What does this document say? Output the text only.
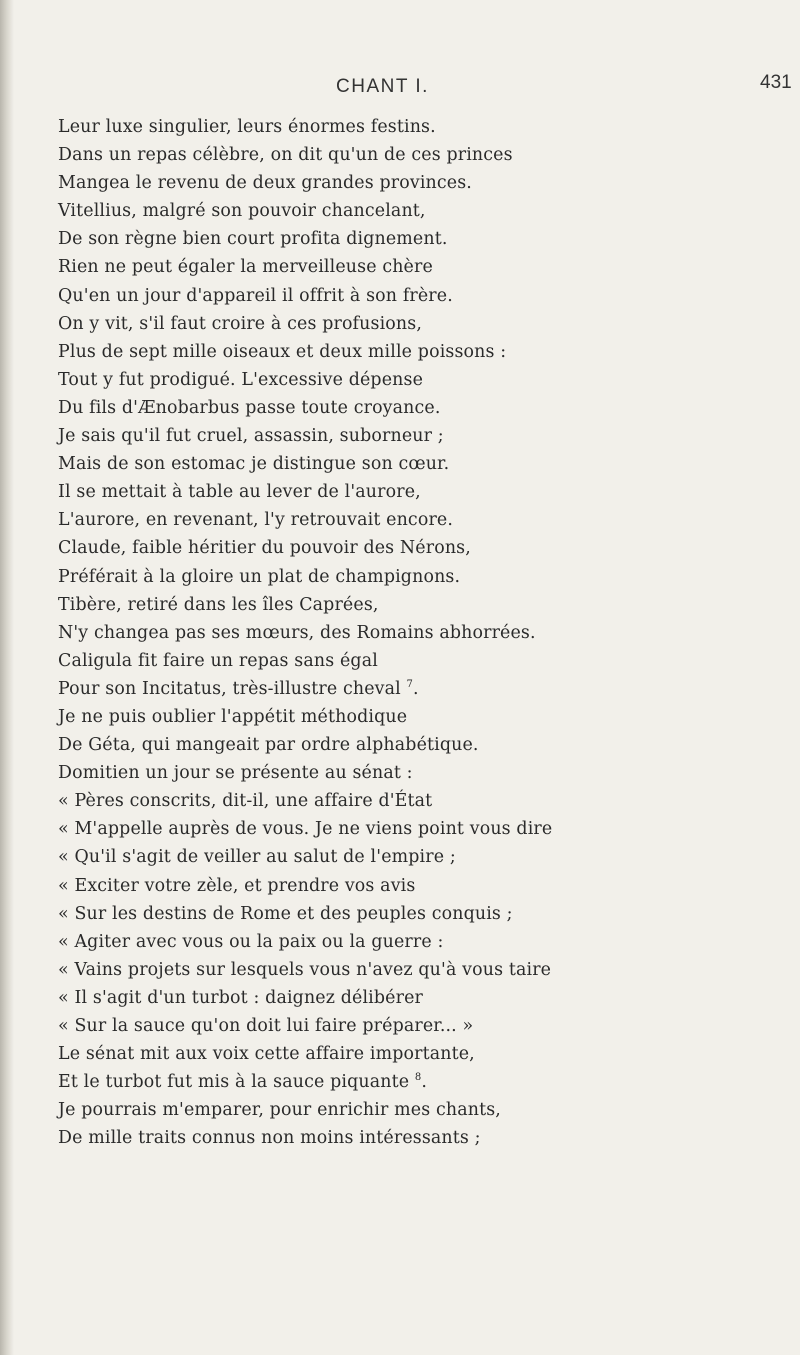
CHANT I.	431
Leur luxe singulier, leurs énormes festins.
Dans un repas célèbre, on dit qu'un de ces princes
Mangea le revenu de deux grandes provinces.
Vitellius, malgré son pouvoir chancelant,
De son règne bien court profita dignement.
Rien ne peut égaler la merveilleuse chère
Qu'en un jour d'appareil il offrit à son frère.
On y vit, s'il faut croire à ces profusions,
Plus de sept mille oiseaux et deux mille poissons :
Tout y fut prodigué. L'excessive dépense
Du fils d'Ænobarbus passe toute croyance.
Je sais qu'il fut cruel, assassin, suborneur ;
Mais de son estomac je distingue son cœur.
Il se mettait à table au lever de l'aurore,
L'aurore, en revenant, l'y retrouvait encore.
Claude, faible héritier du pouvoir des Nérons,
Préférait à la gloire un plat de champignons.
Tibère, retiré dans les îles Caprées,
N'y changea pas ses mœurs, des Romains abhorrées.
Caligula fit faire un repas sans égal
Pour son Incitatus, très-illustre cheval $^7$.
Je ne puis oublier l'appétit méthodique
De Géta, qui mangeait par ordre alphabétique.
Domitien un jour se présente au sénat :
« Pères conscrits, dit-il, une affaire d'État
« M'appelle auprès de vous. Je ne viens point vous dire
« Qu'il s'agit de veiller au salut de l'empire ;
« Exciter votre zèle, et prendre vos avis
« Sur les destins de Rome et des peuples conquis ;
« Agiter avec vous ou la paix ou la guerre :
« Vains projets sur lesquels vous n'avez qu'à vous taire
« Il s'agit d'un turbot : daignez délibérer
« Sur la sauce qu'on doit lui faire préparer... »
Le sénat mit aux voix cette affaire importante,
Et le turbot fut mis à la sauce piquante $^8$.
Je pourrais m'emparer, pour enrichir mes chants,
De mille traits connus non moins intéressants ;
